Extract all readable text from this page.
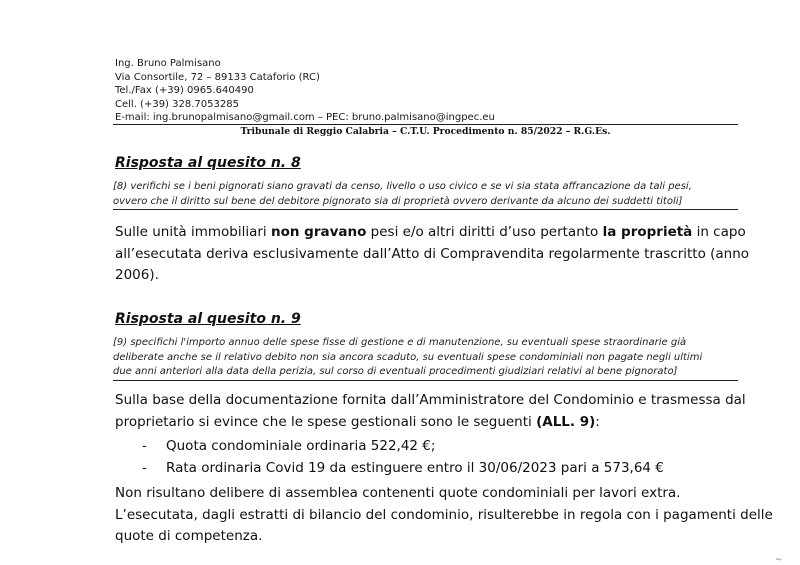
Ing. Bruno Palmisano
Via Consortile, 72 – 89133 Cataforio (RC)
Tel./Fax (+39) 0965.640490
Cell. (+39) 328.7053285
E-mail: ing.brunopalmisano@gmail.com – PEC: bruno.palmisano@ingpec.eu
Tribunale di Reggio Calabria – C.T.U. Procedimento n. 85/2022 – R.G.Es.
Risposta al quesito n. 8
[8) verifichi se i beni pignorati siano gravati da censo, livello o uso civico e se vi sia stata affrancazione da tali pesi,
ovvero che il diritto sul bene del debitore pignorato sia di proprietà ovvero derivante da alcuno dei suddetti titoli]
Sulle unità immobiliari non gravano pesi e/o altri diritti d’uso pertanto la proprietà in capo
all’esecutata deriva esclusivamente dall’Atto di Compravendita regolarmente trascritto (anno
2006).
Risposta al quesito n. 9
[9) specifichi l'importo annuo delle spese fisse di gestione e di manutenzione, su eventuali spese straordinarie già
deliberate anche se il relativo debito non sia ancora scaduto, su eventuali spese condominiali non pagate negli ultimi
due anni anteriori alla data della perizia, sul corso di eventuali procedimenti giudiziari relativi al bene pignorato]
Sulla base della documentazione fornita dall’Amministratore del Condominio e trasmessa dal
proprietario si evince che le spese gestionali sono le seguenti (ALL. 9):
- Quota condominiale ordinaria 522,42 €;
- Rata ordinaria Covid 19 da estinguere entro il 30/06/2023 pari a 573,64 €
Non risultano delibere di assemblea contenenti quote condominiali per lavori extra.
L’esecutata, dagli estratti di bilancio del condominio, risulterebbe in regola con i pagamenti delle
quote di competenza.
Pag.
